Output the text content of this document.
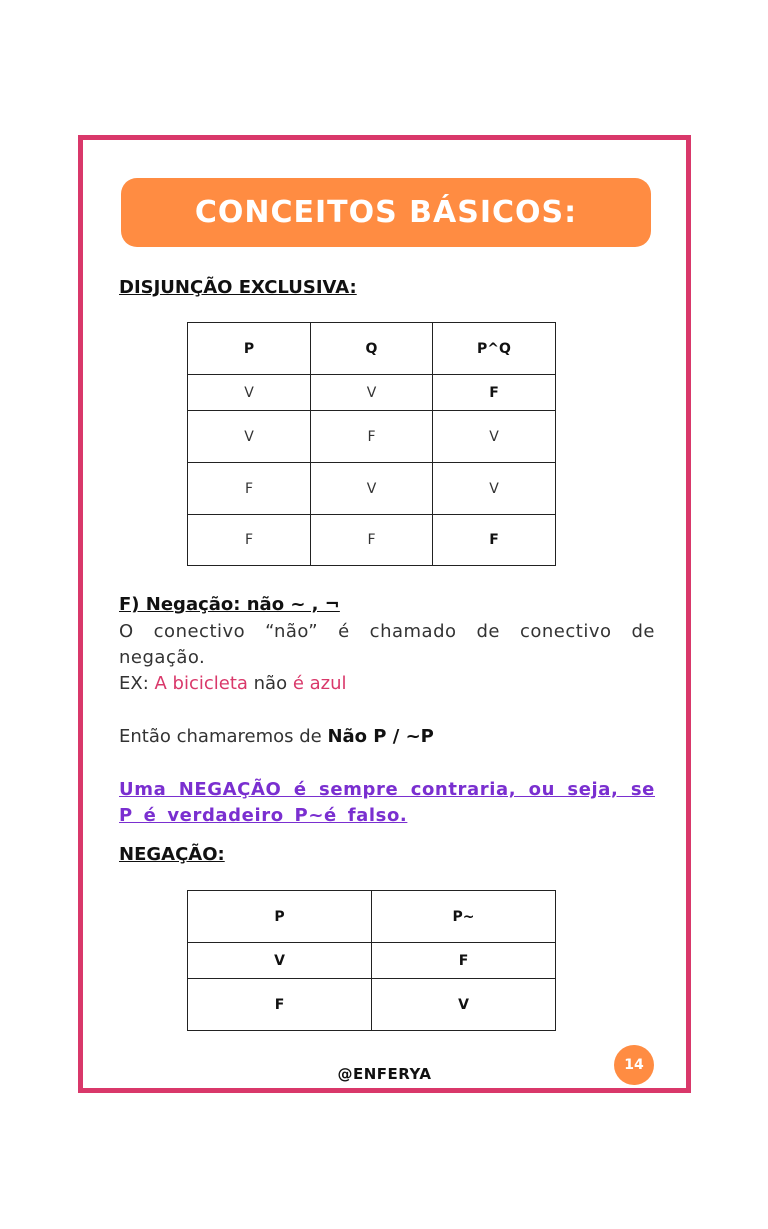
CONCEITOS BÁSICOS:
DISJUNÇÃO EXCLUSIVA:
P	Q	P^Q
V	V	F
V	F	V
F	V	V
F	F	F
F) Negação: não ~ , ¬
O conectivo “não” é chamado de conectivo de negação.
EX: A bicicleta não é azul
Então chamaremos de Não P / ~P
Uma NEGAÇÃO é sempre contraria, ou seja, se P é verdadeiro P~é falso.
NEGAÇÃO:
P	P~
V	F
F	V
14
@ENFERYA
